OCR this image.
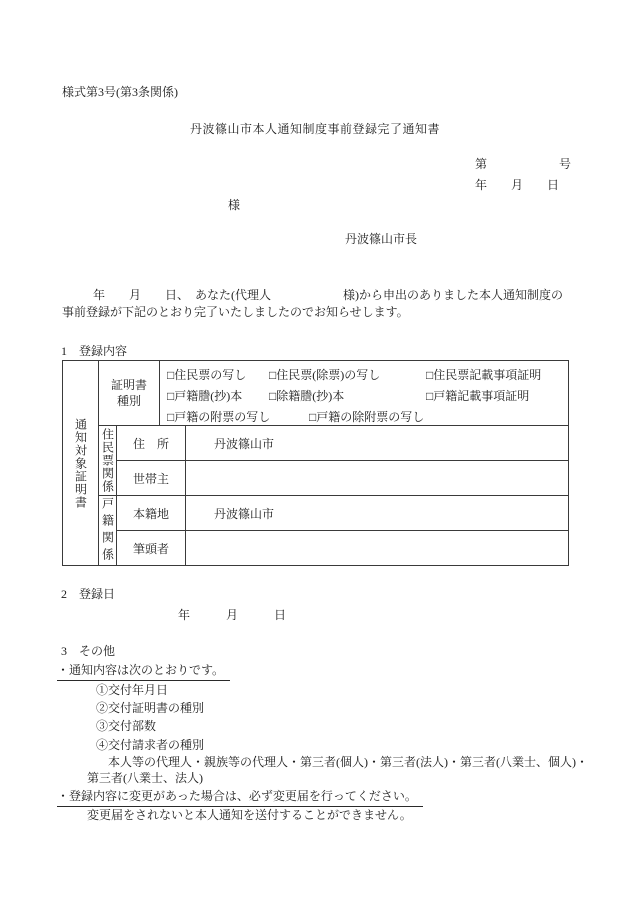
様式第3号(第3条関係)
丹波篠山市本人通知制度事前登録完了通知書
第　　　　　　号
年　　月　　日
様
丹波篠山市長
年　　月　　日、　あなた(代理人　　　　　　様)から申出のありました本人通知制度の
事前登録が下記のとおり完了いたしましたのでお知らせします。
1　登録内容
通知対象証明書
証明書
種別
□ 住民票の写し □ 住民票(除票)の写し	□ 住民票記載事項証明
□ 戸籍謄(抄)本 □ 除籍謄(抄)本	□ 戸籍記載事項証明
□ 戸籍の附票の写し	□ 戸籍の除附票の写し
住民票関係	住　所	丹波篠山市
世帯主
戸籍関係	本籍地	丹波篠山市
筆頭者
2　登録日
年　　　月　　　日
3　その他
・通知内容は次のとおりです。
①交付年月日
②交付証明書の種別
③交付部数
④交付請求者の種別
本人等の代理人・親族等の代理人・第三者(個人)・第三者(法人)・第三者(八業士、個人)・
第三者(八業士、法人)
・登録内容に変更があった場合は、必ず変更届を行ってください。
変更届をされないと本人通知を送付することができません。
